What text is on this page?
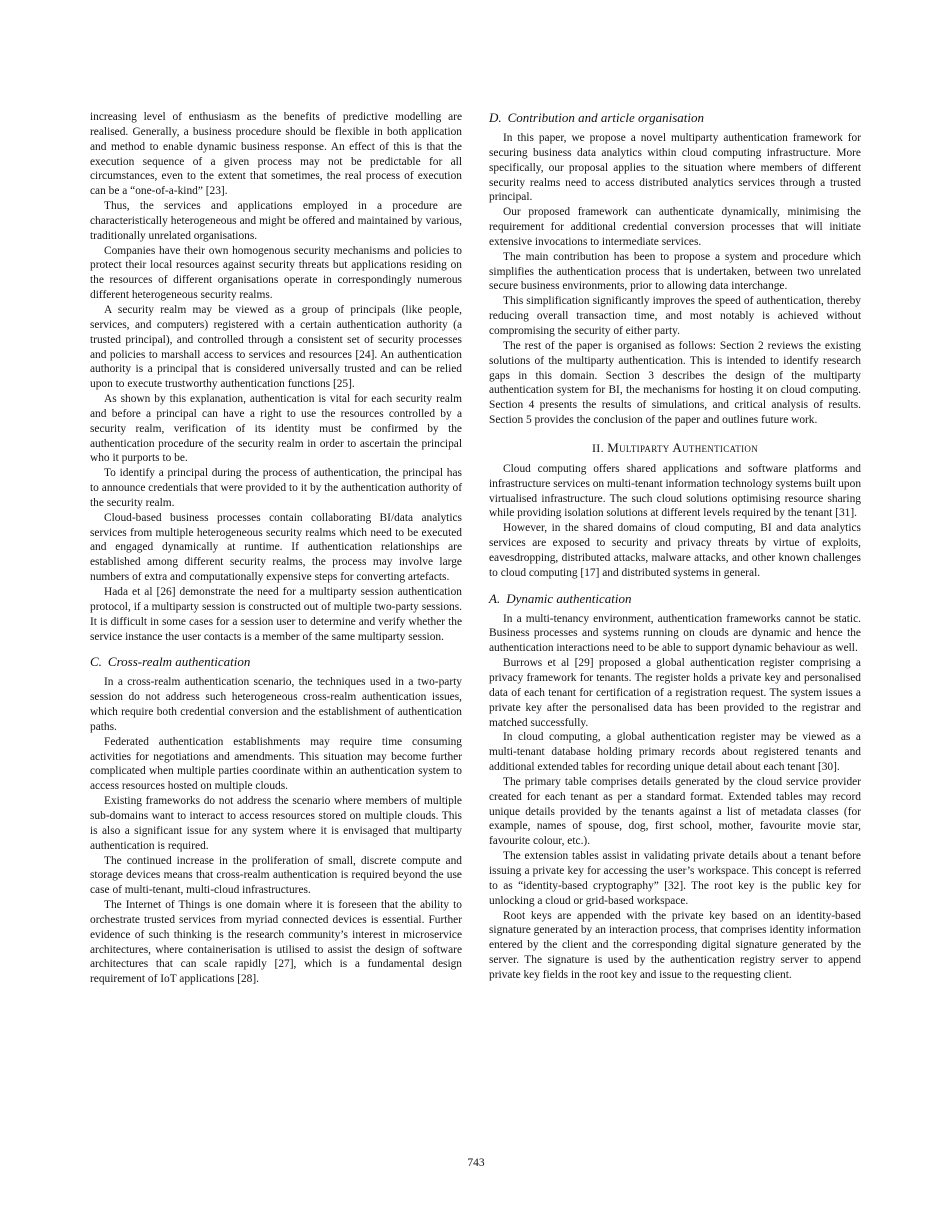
increasing level of enthusiasm as the benefits of predictive modelling are realised. Generally, a business procedure should be flexible in both application and method to enable dynamic business response. An effect of this is that the execution sequence of a given process may not be predictable for all circumstances, even to the extent that sometimes, the real process of execution can be a “one-of-a-kind” [23].

Thus, the services and applications employed in a procedure are characteristically heterogeneous and might be offered and maintained by various, traditionally unrelated organisations.

Companies have their own homogenous security mechanisms and policies to protect their local resources against security threats but applications residing on the resources of different organisations operate in correspondingly numerous different heterogeneous security realms.

A security realm may be viewed as a group of principals (like people, services, and computers) registered with a certain authentication authority (a trusted principal), and controlled through a consistent set of security processes and policies to marshall access to services and resources [24]. An authentication authority is a principal that is considered universally trusted and can be relied upon to execute trustworthy authentication functions [25].

As shown by this explanation, authentication is vital for each security realm and before a principal can have a right to use the resources controlled by a security realm, verification of its identity must be confirmed by the authentication procedure of the security realm in order to ascertain the principal who it purports to be.

To identify a principal during the process of authentication, the principal has to announce credentials that were provided to it by the authentication authority of the security realm.

Cloud-based business processes contain collaborating BI/data analytics services from multiple heterogeneous security realms which need to be executed and engaged dynamically at runtime. If authentication relationships are established among different security realms, the process may involve large numbers of extra and computationally expensive steps for converting artefacts.

Hada et al [26] demonstrate the need for a multiparty session authentication protocol, if a multiparty session is constructed out of multiple two-party sessions. It is difficult in some cases for a session user to determine and verify whether the service instance the user contacts is a member of the same multiparty session.

C. Cross-realm authentication

In a cross-realm authentication scenario, the techniques used in a two-party session do not address such heterogeneous cross-realm authentication issues, which require both credential conversion and the establishment of authentication paths.

Federated authentication establishments may require time consuming activities for negotiations and amendments. This situation may become further complicated when multiple parties coordinate within an authentication system to access resources hosted on multiple clouds.

Existing frameworks do not address the scenario where members of multiple sub-domains want to interact to access resources stored on multiple clouds. This is also a significant issue for any system where it is envisaged that multiparty authentication is required.

The continued increase in the proliferation of small, discrete compute and storage devices means that cross-realm authentication is required beyond the use case of multi-tenant, multi-cloud infrastructures.

The Internet of Things is one domain where it is foreseen that the ability to orchestrate trusted services from myriad connected devices is essential. Further evidence of such thinking is the research community’s interest in microservice architectures, where containerisation is utilised to assist the design of software architectures that can scale rapidly [27], which is a fundamental design requirement of IoT applications [28].

D. Contribution and article organisation

In this paper, we propose a novel multiparty authentication framework for securing business data analytics within cloud computing infrastructure. More specifically, our proposal applies to the situation where members of different security realms need to access distributed analytics services through a trusted principal.

Our proposed framework can authenticate dynamically, minimising the requirement for additional credential conversion processes that will initiate extensive invocations to intermediate services.

The main contribution has been to propose a system and procedure which simplifies the authentication process that is undertaken, between two unrelated secure business environments, prior to allowing data interchange.

This simplification significantly improves the speed of authentication, thereby reducing overall transaction time, and most notably is achieved without compromising the security of either party.

The rest of the paper is organised as follows: Section 2 reviews the existing solutions of the multiparty authentication. This is intended to identify research gaps in this domain. Section 3 describes the design of the multiparty authentication system for BI, the mechanisms for hosting it on cloud computing. Section 4 presents the results of simulations, and critical analysis of results. Section 5 provides the conclusion of the paper and outlines future work.

II. Multiparty Authentication

Cloud computing offers shared applications and software platforms and infrastructure services on multi-tenant information technology systems built upon virtualised infrastructure. The such cloud solutions optimising resource sharing while providing isolation solutions at different levels required by the tenant [31].

However, in the shared domains of cloud computing, BI and data analytics services are exposed to security and privacy threats by virtue of exploits, eavesdropping, distributed attacks, malware attacks, and other known challenges to cloud computing [17] and distributed systems in general.

A. Dynamic authentication

In a multi-tenancy environment, authentication frameworks cannot be static. Business processes and systems running on clouds are dynamic and hence the authentication interactions need to be able to support dynamic behaviour as well.

Burrows et al [29] proposed a global authentication register comprising a privacy framework for tenants. The register holds a private key and personalised data of each tenant for certification of a registration request. The system issues a private key after the personalised data has been provided to the registrar and matched successfully.

In cloud computing, a global authentication register may be viewed as a multi-tenant database holding primary records about registered tenants and additional extended tables for recording unique detail about each tenant [30].

The primary table comprises details generated by the cloud service provider created for each tenant as per a standard format. Extended tables may record unique details provided by the tenants against a list of metadata classes (for example, names of spouse, dog, first school, mother, favourite movie star, favourite colour, etc.).

The extension tables assist in validating private details about a tenant before issuing a private key for accessing the user’s workspace. This concept is referred to as “identity-based cryptography” [32]. The root key is the public key for unlocking a cloud or grid-based workspace.

Root keys are appended with the private key based on an identity-based signature generated by an interaction process, that comprises identity information entered by the client and the corresponding digital signature generated by the server. The signature is used by the authentication registry server to append private key fields in the root key and issue to the requesting client.

743
